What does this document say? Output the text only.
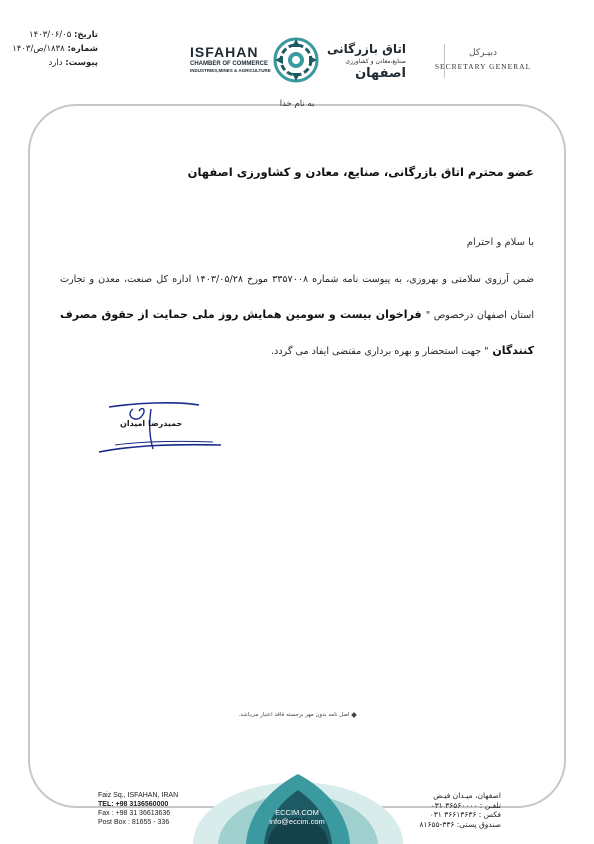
تاریخ: ۱۴۰۳/۰۶/۰۵
شماره: ۱۸۳۸/ص/۱۴۰۳
پیوست: دارد
ISFAHAN
CHAMBER OF COMMERCE
INDUSTRIES,MINES & AGRICULTURE
اتاق بازرگانی
صنایع،معادن و کشاورزی
اصفهان
دبیـرکل
SECRETARY GENERAL
به نام خدا
عضو محترم اتاق بازرگانی، صنایع، معادن و کشاورزی اصفهان
با سلام و احترام
ضمن آرزوی سلامتی و بهروزی، به پیوست نامه شماره ۳۳۵۷۰۰۸ مورخ ۱۴۰۳/۰۵/۲۸ اداره کل صنعت، معدن و تجارت استان اصفهان درخصوص " فراخوان بیست و سومین همایش روز ملی حمایت از حقوق مصرف کنندگان " جهت استحضار و بهره برداری مقتضی ایفاد می گردد.
حمیدرضا امیدان
اصل نامه بدون مهر برجسته فاقد اعتبار می‌باشد.
Faiz Sq., ISFAHAN, IRAN
TEL: +98 3136560000
Fax : +98 31 36613636
Post Box : 81655 - 336
ECCIM.COM
info@eccim.com
اصفهان، میـدان فیـض
تلفـن : ۳۶۵۶۰۰۰۰ ۰۳۱
فکس : ۳۶۶۱۳۶۳۶ ۰۳۱
صندوق پستی: ۳۳۶-۸۱۶۵۵
